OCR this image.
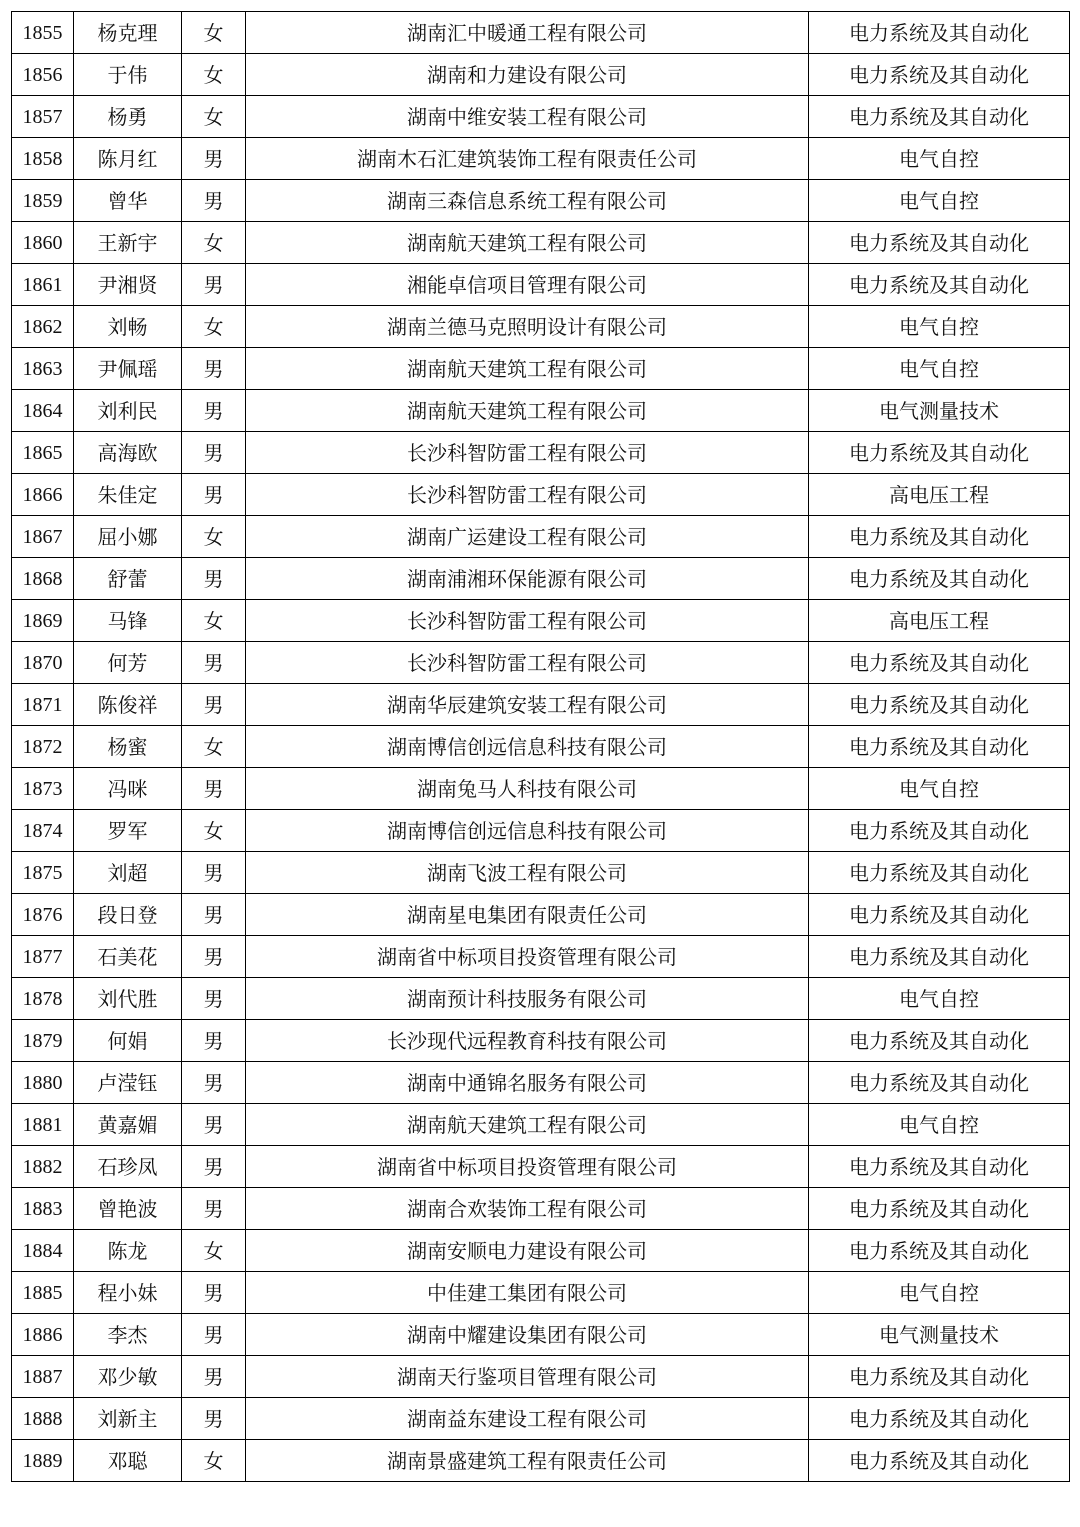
1855	杨克理	女	湖南汇中暖通工程有限公司	电力系统及其自动化
1856	于伟	女	湖南和力建设有限公司	电力系统及其自动化
1857	杨勇	女	湖南中维安装工程有限公司	电力系统及其自动化
1858	陈月红	男	湖南木石汇建筑装饰工程有限责任公司	电气自控
1859	曾华	男	湖南三森信息系统工程有限公司	电气自控
1860	王新宇	女	湖南航天建筑工程有限公司	电力系统及其自动化
1861	尹湘贤	男	湘能卓信项目管理有限公司	电力系统及其自动化
1862	刘畅	女	湖南兰德马克照明设计有限公司	电气自控
1863	尹佩瑶	男	湖南航天建筑工程有限公司	电气自控
1864	刘利民	男	湖南航天建筑工程有限公司	电气测量技术
1865	高海欧	男	长沙科智防雷工程有限公司	电力系统及其自动化
1866	朱佳定	男	长沙科智防雷工程有限公司	高电压工程
1867	屈小娜	女	湖南广运建设工程有限公司	电力系统及其自动化
1868	舒蕾	男	湖南浦湘环保能源有限公司	电力系统及其自动化
1869	马锋	女	长沙科智防雷工程有限公司	高电压工程
1870	何芳	男	长沙科智防雷工程有限公司	电力系统及其自动化
1871	陈俊祥	男	湖南华辰建筑安装工程有限公司	电力系统及其自动化
1872	杨蜜	女	湖南博信创远信息科技有限公司	电力系统及其自动化
1873	冯咪	男	湖南兔马人科技有限公司	电气自控
1874	罗军	女	湖南博信创远信息科技有限公司	电力系统及其自动化
1875	刘超	男	湖南飞波工程有限公司	电力系统及其自动化
1876	段日登	男	湖南星电集团有限责任公司	电力系统及其自动化
1877	石美花	男	湖南省中标项目投资管理有限公司	电力系统及其自动化
1878	刘代胜	男	湖南预计科技服务有限公司	电气自控
1879	何娟	男	长沙现代远程教育科技有限公司	电力系统及其自动化
1880	卢滢钰	男	湖南中通锦名服务有限公司	电力系统及其自动化
1881	黄嘉媚	男	湖南航天建筑工程有限公司	电气自控
1882	石珍凤	男	湖南省中标项目投资管理有限公司	电力系统及其自动化
1883	曾艳波	男	湖南合欢装饰工程有限公司	电力系统及其自动化
1884	陈龙	女	湖南安顺电力建设有限公司	电力系统及其自动化
1885	程小妹	男	中佳建工集团有限公司	电气自控
1886	李杰	男	湖南中耀建设集团有限公司	电气测量技术
1887	邓少敏	男	湖南天行鉴项目管理有限公司	电力系统及其自动化
1888	刘新主	男	湖南益东建设工程有限公司	电力系统及其自动化
1889	邓聪	女	湖南景盛建筑工程有限责任公司	电力系统及其自动化
